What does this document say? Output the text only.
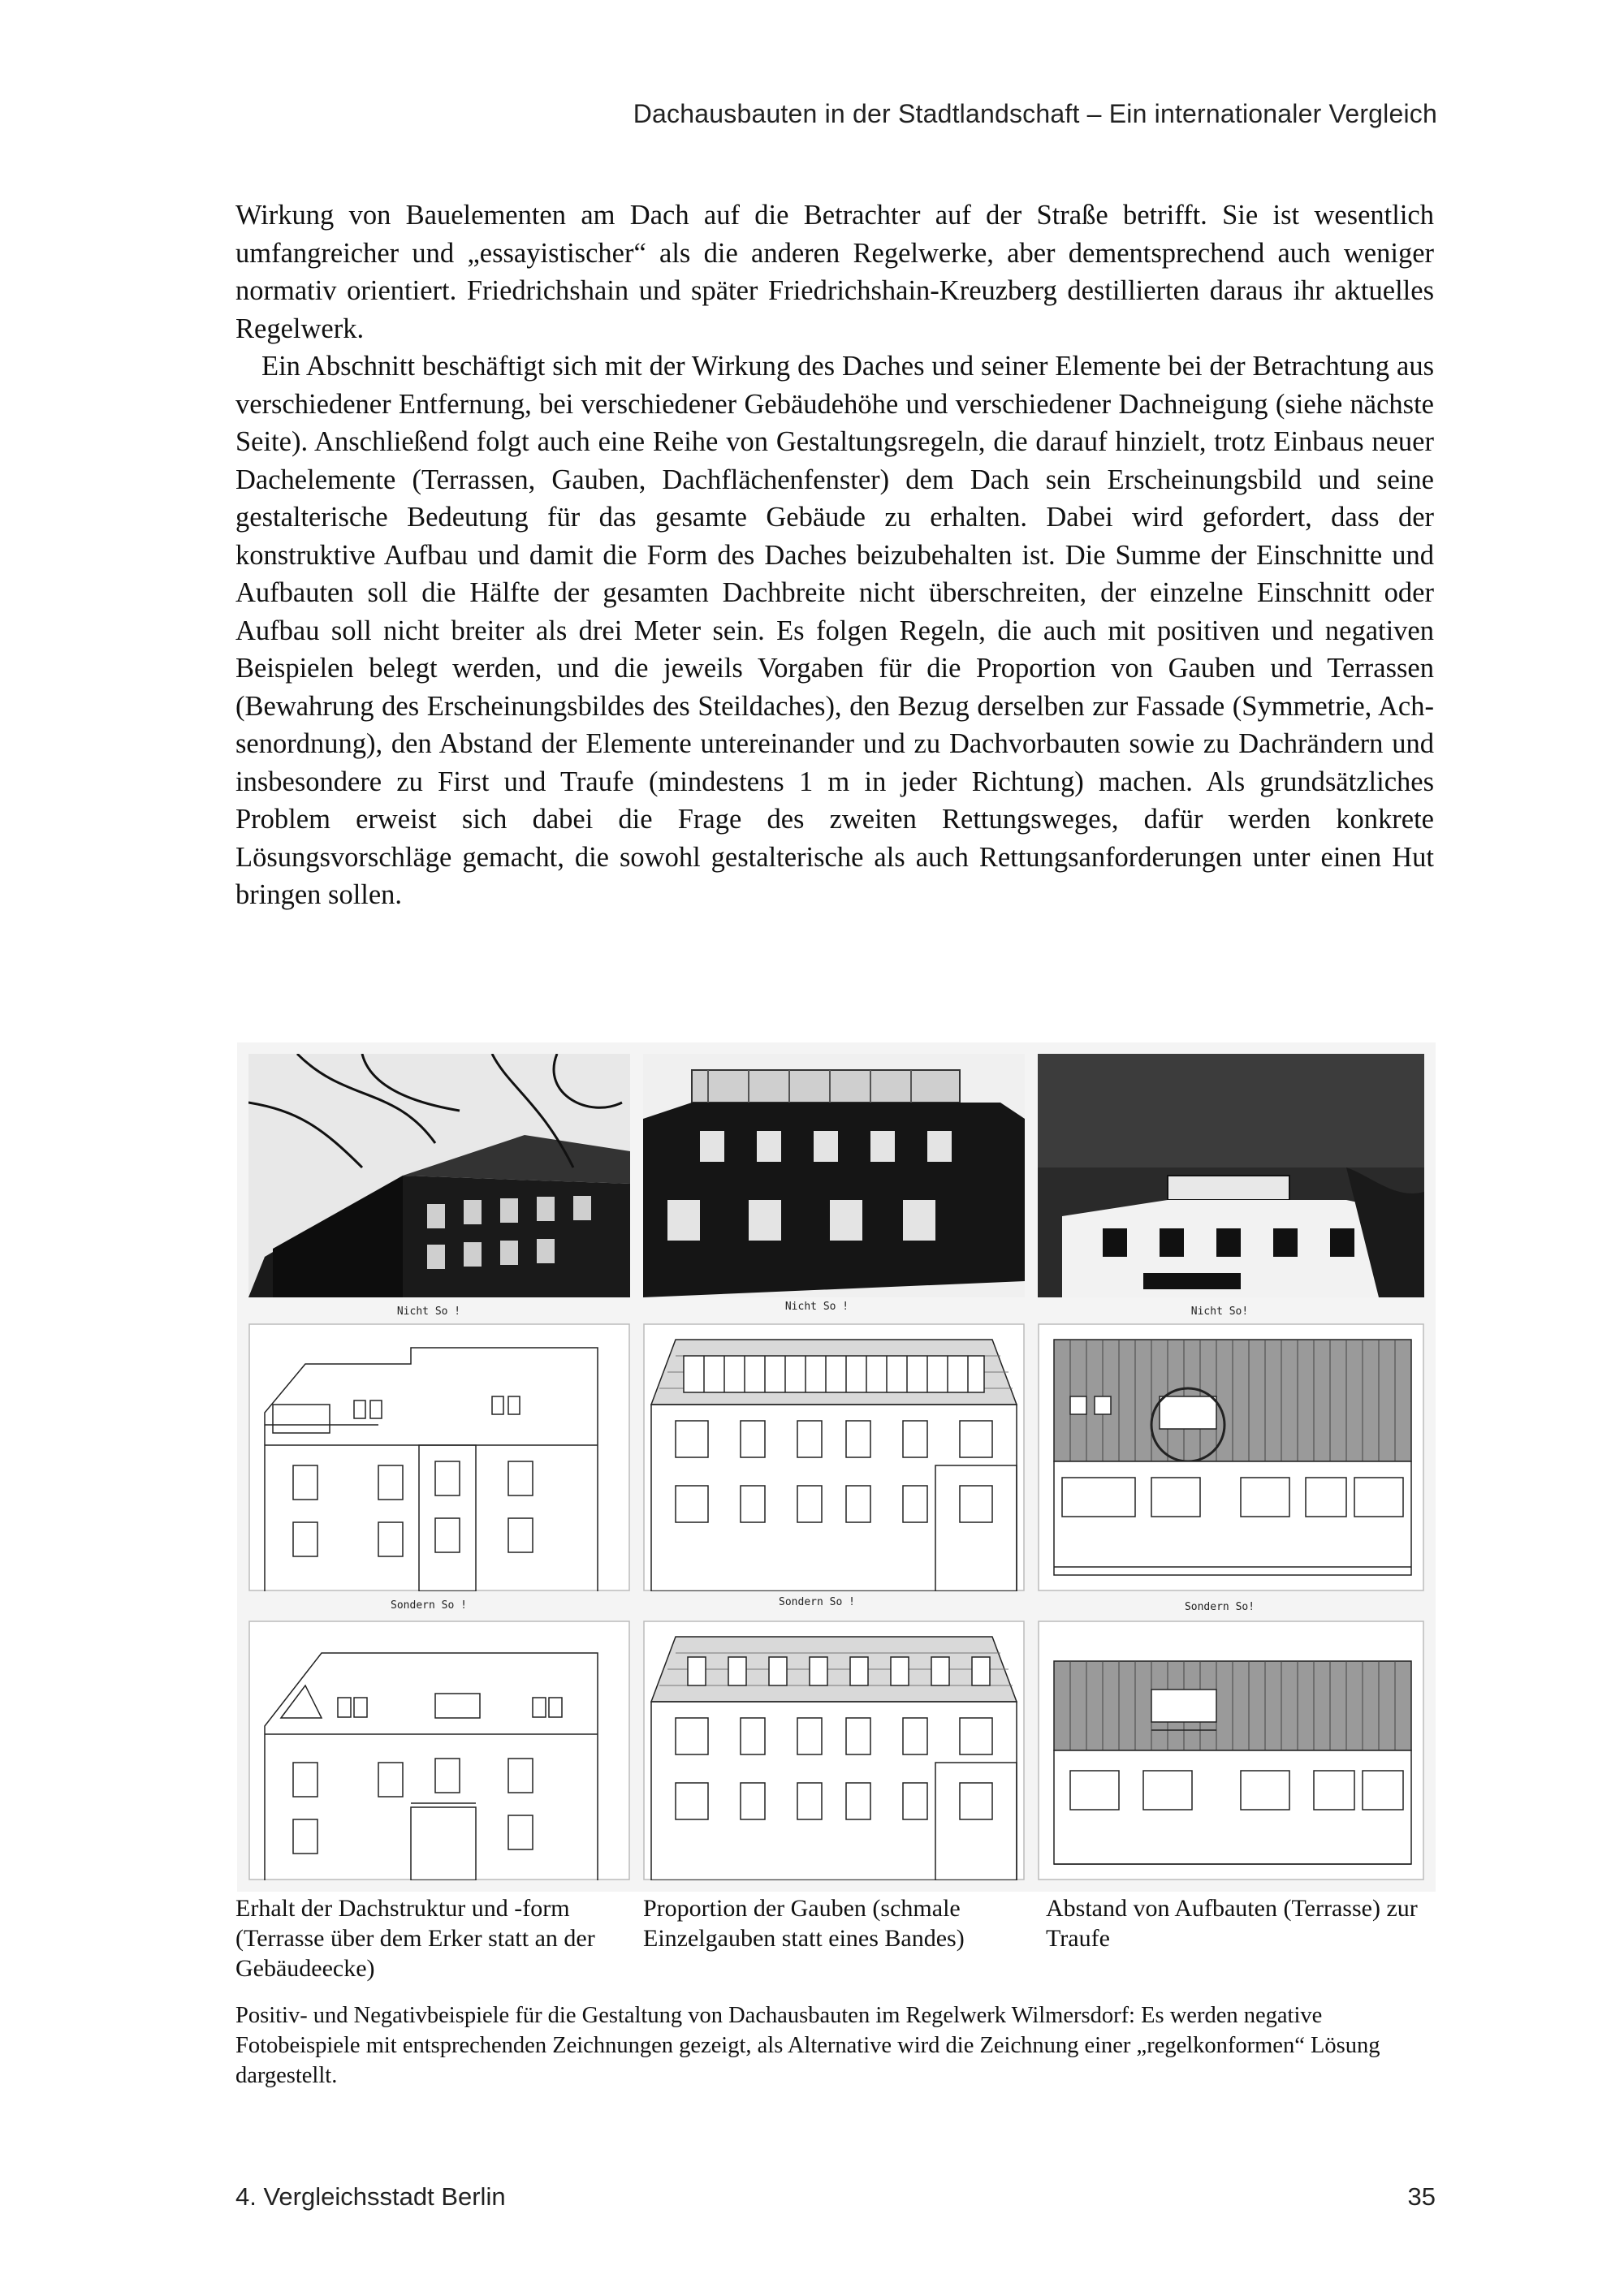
Dachausbauten in der Stadtlandschaft – Ein internationaler Vergleich

Wirkung von Bauelementen am Dach auf die Betrachter auf der Straße betrifft. Sie ist wesentlich umfangreicher und „essayistischer“ als die anderen Regelwerke, aber dementsprechend auch weniger normativ orientiert. Friedrichshain und später Friedrichshain-Kreuzberg destillierten daraus ihr aktuelles Regelwerk.

Ein Abschnitt beschäftigt sich mit der Wirkung des Daches und seiner Elemente bei der Betrachtung aus verschiedener Entfernung, bei verschiedener Gebäudehöhe und verschiedener Dachneigung (siehe nächste Seite). Anschließend folgt auch eine Reihe von Gestaltungsregeln, die darauf hinzielt, trotz Einbaus neuer Dachelemente (Terrassen, Gauben, Dachflächenfenster) dem Dach sein Erscheinungsbild und seine gestalterische Bedeutung für das gesamte Gebäude zu erhalten. Dabei wird gefordert, dass der konstruktive Aufbau und damit die Form des Daches beizubehalten ist. Die Summe der Einschnitte und Aufbauten soll die Hälfte der gesamten Dachbreite nicht überschreiten, der einzelne Einschnitt oder Aufbau soll nicht breiter als drei Meter sein. Es folgen Regeln, die auch mit positiven und negativen Beispielen belegt werden, und die jeweils Vorgaben für die Proportion von Gauben und Terrassen (Bewahrung des Erscheinungsbildes des Steildaches), den Bezug derselben zur Fassade (Symmetrie, Achsenordnung), den Abstand der Elemente untereinander und zu Dachvorbauten sowie zu Dachrändern und insbesondere zu First und Traufe (mindestens 1 m in jeder Richtung) machen. Als grundsätzliches Problem erweist sich dabei die Frage des zweiten Rettungsweges, dafür werden konkrete Lösungsvorschläge gemacht, die sowohl gestalterische als auch Rettungsanforderungen unter einen Hut bringen sollen.

Nicht So !	Nicht So !	Nicht So!
Sondern So !	Sondern So !	Sondern So!
Erhalt der Dachstruktur und -form (Terrasse über dem Erker statt an der Gebäudeecke)
Proportion der Gauben (schmale Einzelgauben statt eines Bandes)
Abstand von Aufbauten (Terrasse) zur Traufe
Positiv- und Negativbeispiele für die Gestaltung von Dachausbauten im Regelwerk Wilmersdorf: Es werden negative Fotobeispiele mit entsprechenden Zeichnungen gezeigt, als Alternative wird die Zeichnung einer „regelkonformen“ Lösung dargestellt.
4. Vergleichsstadt Berlin	35
